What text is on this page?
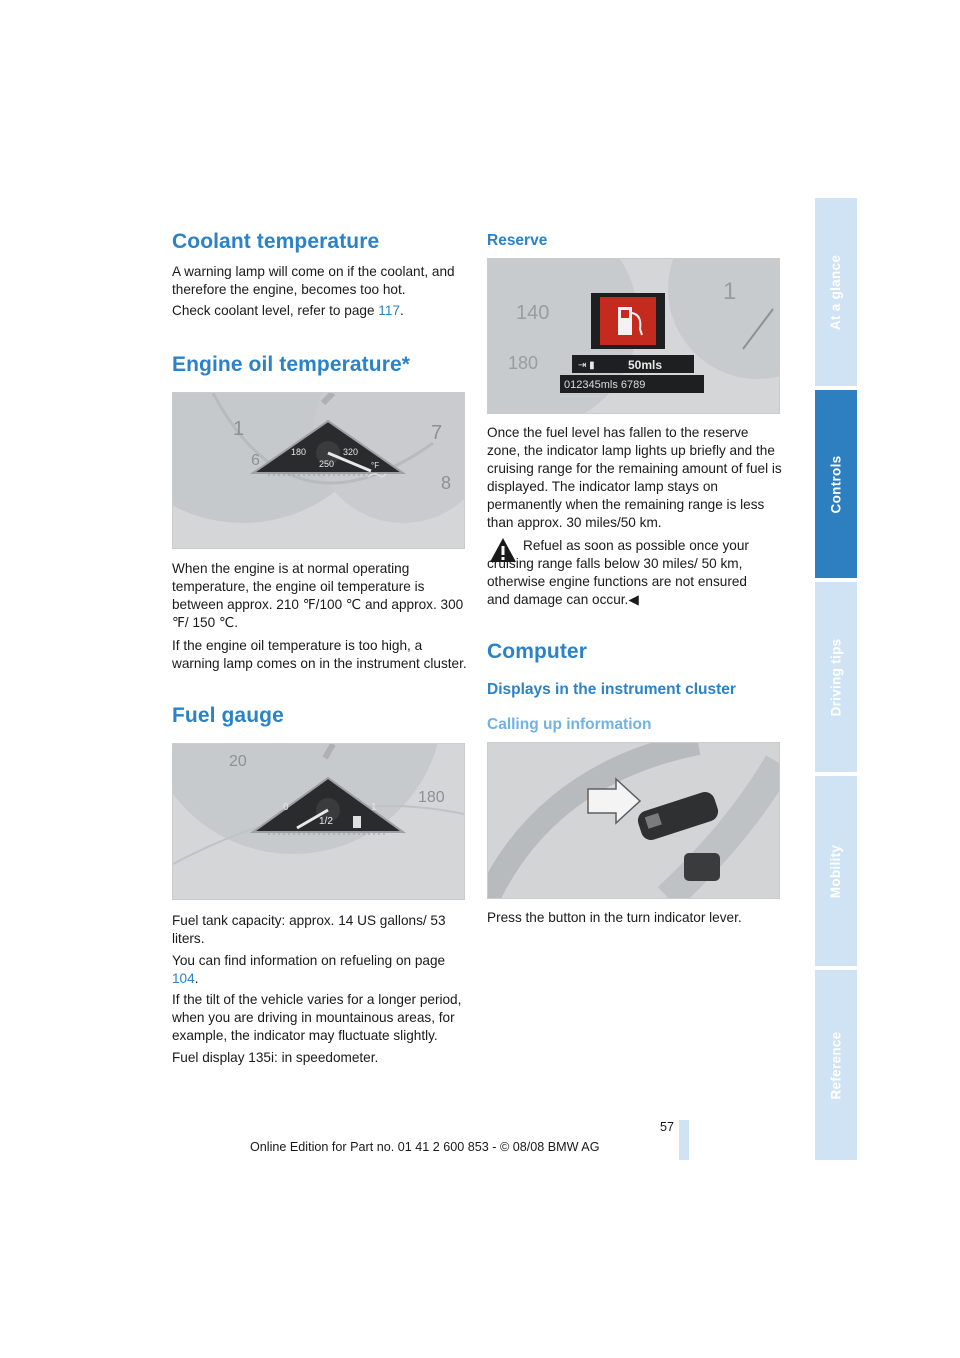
Coolant temperature

A warning lamp will come on if the coolant, and therefore the engine, becomes too hot.

Check coolant level, refer to page 117.

Engine oil temperature*
1	7
6
8
180
250
320
°F

When the engine is at normal operating temperature, the engine oil temperature is between approx. 210 ℉/100 ℃ and approx. 300 ℉/ 150 ℃.

If the engine oil temperature is too high, a warning lamp comes on in the instrument cluster.

Fuel gauge
20
180
0
1/2
1

Fuel tank capacity: approx. 14 US gallons/ 53 liters.

You can find information on refueling on page 104.

If the tilt of the vehicle varies for a longer period, when you are driving in mountainous areas, for example, the indicator may fluctuate slightly.

Fuel display 135i: in speedometer.

Reserve
140
180
1
⇥ ▮	50mls
012345mls 6789

Once the fuel level has fallen to the reserve zone, the indicator lamp lights up briefly and the cruising range for the remaining amount of fuel is displayed. The indicator lamp stays on permanently when the remaining range is less than approx. 30 miles/50 km.

Refuel as soon as possible once your cruising range falls below 30 miles/ 50 km, otherwise engine functions are not ensured and damage can occur.◀

Computer
Displays in the instrument cluster
Calling up information

Press the button in the turn indicator lever.

At a glance
Controls
Driving tips
Mobility
Reference
57
Online Edition for Part no. 01 41 2 600 853 - © 08/08 BMW AG
